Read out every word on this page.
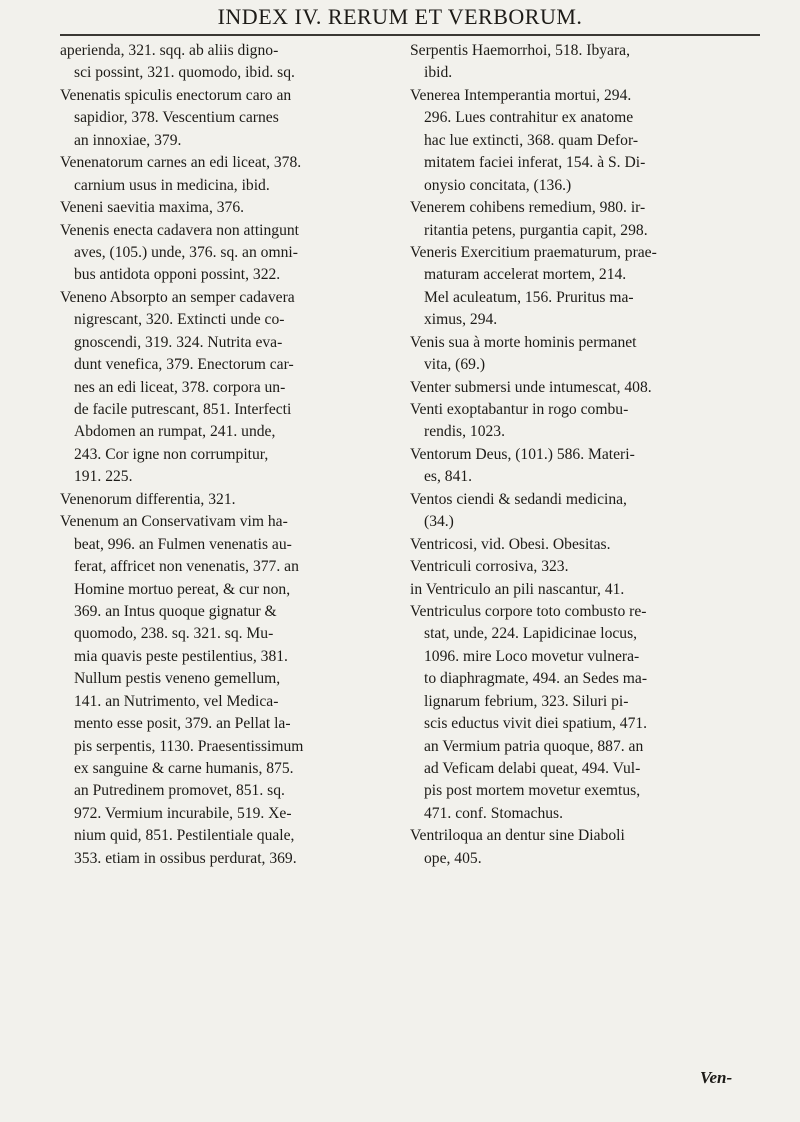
INDEX IV. RERUM ET VERBORUM.
aperienda, 321. sqq. ab aliis digno-
sci possint, 321. quomodo, ibid. sq.
Venenatis spiculis enectorum caro an
sapidior, 378. Vescentium carnes
an innoxiae, 379.
Venenatorum carnes an edi liceat, 378.
carnium usus in medicina, ibid.
Veneni saevitia maxima, 376.
Venenis enecta cadavera non attingunt
aves, (105.) unde, 376. sq. an omni-
bus antidota opponi possint, 322.
Veneno Absorpto an semper cadavera
nigrescant, 320. Extincti unde co-
gnoscendi, 319. 324. Nutrita eva-
dunt venefica, 379. Enectorum car-
nes an edi liceat, 378. corpora un-
de facile putrescant, 851. Interfecti
Abdomen an rumpat, 241. unde,
243. Cor igne non corrumpitur,
191. 225.
Venenorum differentia, 321.
Venenum an Conservativam vim ha-
beat, 996. an Fulmen venenatis au-
ferat, affricet non venenatis, 377. an
Homine mortuo pereat, & cur non,
369. an Intus quoque gignatur &
quomodo, 238. sq. 321. sq. Mu-
mia quavis peste pestilentius, 381.
Nullum pestis veneno gemellum,
141. an Nutrimento, vel Medica-
mento esse posit, 379. an Pellat la-
pis serpentis, 1130. Praesentissimum
ex sanguine & carne humanis, 875.
an Putredinem promovet, 851. sq.
972. Vermium incurabile, 519. Xe-
nium quid, 851. Pestilentiale quale,
353. etiam in ossibus perdurat, 369.
Serpentis Haemorrhoi, 518. Ibyara,
ibid.
Venerea Intemperantia mortui, 294.
296. Lues contrahitur ex anatome
hac lue extincti, 368. quam Defor-
mitatem faciei inferat, 154. à S. Di-
onysio concitata, (136.)
Venerem cohibens remedium, 980. ir-
ritantia petens, purgantia capit, 298.
Veneris Exercitium praematurum, prae-
maturam accelerat mortem, 214.
Mel aculeatum, 156. Pruritus ma-
ximus, 294.
Venis sua à morte hominis permanet
vita, (69.)
Venter submersi unde intumescat, 408.
Venti exoptabantur in rogo combu-
rendis, 1023.
Ventorum Deus, (101.) 586. Materi-
es, 841.
Ventos ciendi & sedandi medicina,
(34.)
Ventricosi, vid. Obesi. Obesitas.
Ventriculi corrosiva, 323.
in Ventriculo an pili nascantur, 41.
Ventriculus corpore toto combusto re-
stat, unde, 224. Lapidicinae locus,
1096. mire Loco movetur vulnera-
to diaphragmate, 494. an Sedes ma-
lignarum febrium, 323. Siluri pi-
scis eductus vivit diei spatium, 471.
an Vermium patria quoque, 887. an
ad Veficam delabi queat, 494. Vul-
pis post mortem movetur exemtus,
471. conf. Stomachus.
Ventriloqua an dentur sine Diaboli
ope, 405.
Ven-
